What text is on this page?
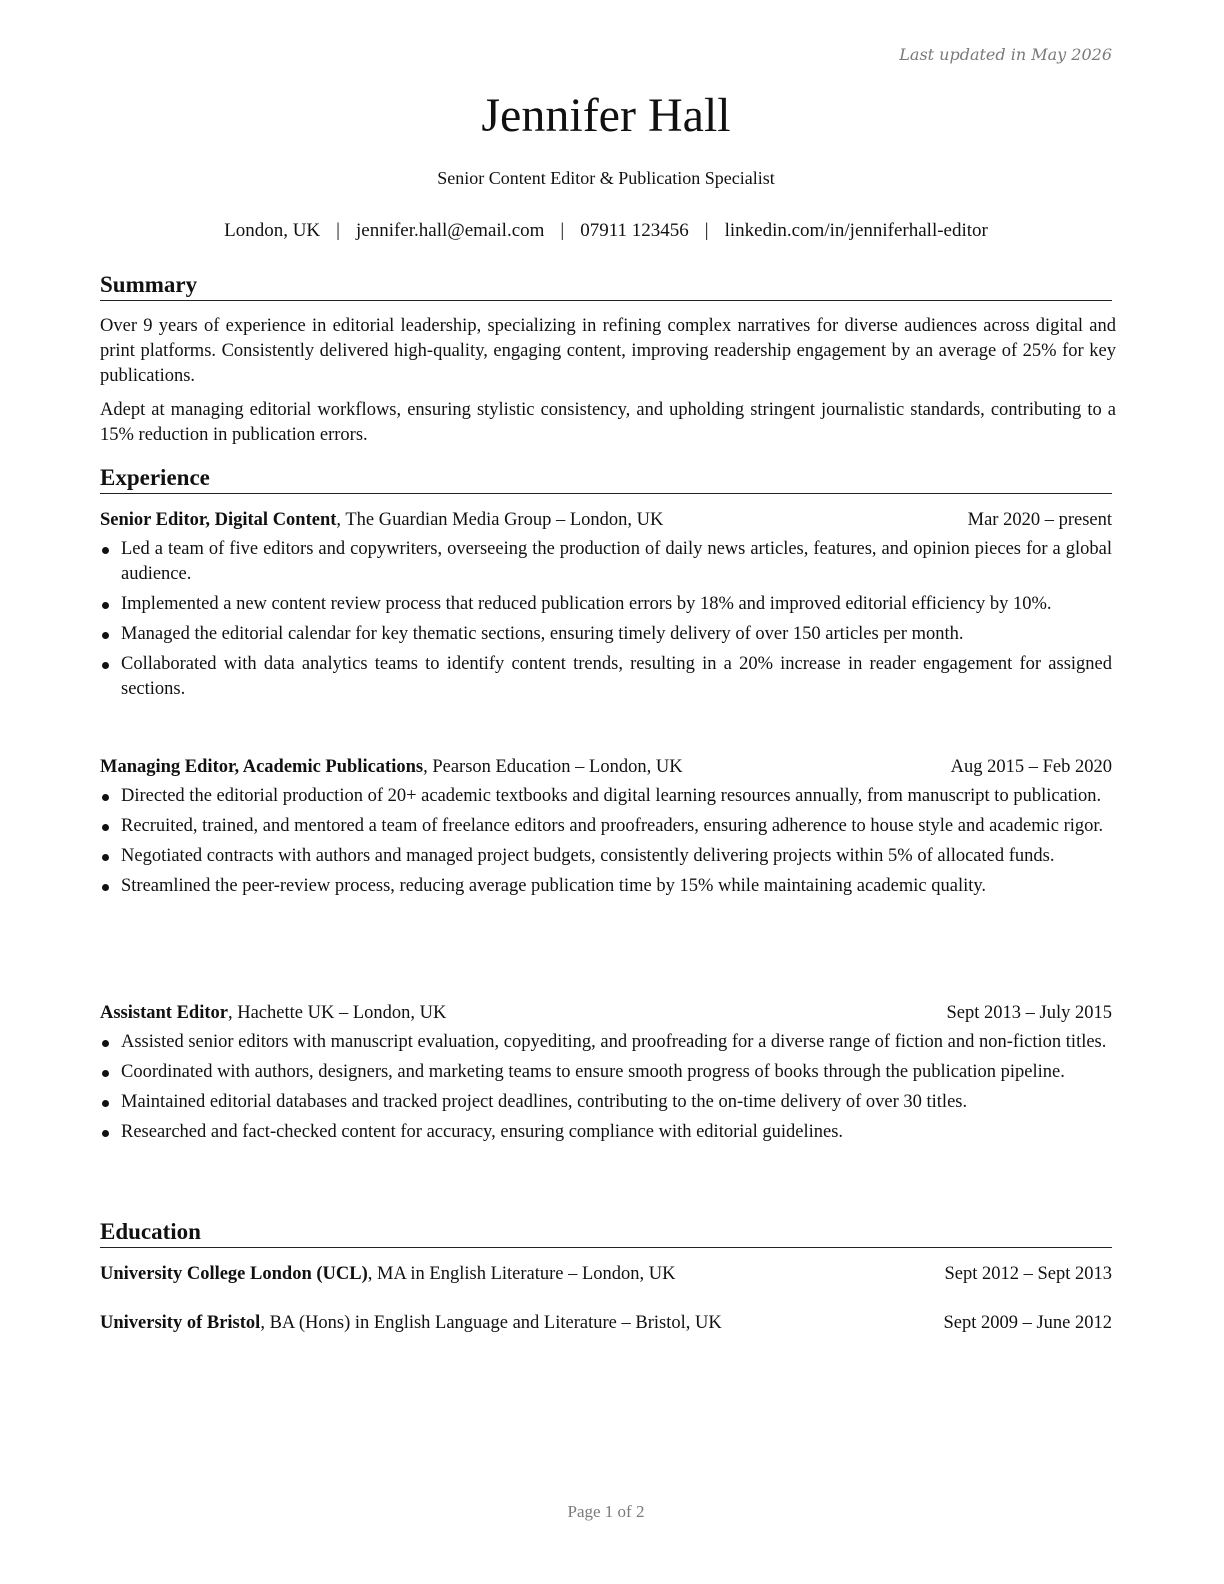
Last updated in May 2026
Jennifer Hall
Senior Content Editor & Publication Specialist
London, UK | jennifer.hall@email.com | 07911 123456 | linkedin.com/in/jenniferhall-editor
Summary
Over 9 years of experience in editorial leadership, specializing in refining complex narratives for diverse audiences across digital and print platforms. Consistently delivered high-quality, engaging content, improving readership engagement by an average of 25% for key publications.
Adept at managing editorial workflows, ensuring stylistic consistency, and upholding stringent journalistic standards, contributing to a 15% reduction in publication errors.
Experience
Senior Editor, Digital Content, The Guardian Media Group – London, UK	Mar 2020 – present
Led a team of five editors and copywriters, overseeing the production of daily news articles, features, and opinion pieces for a global audience.
Implemented a new content review process that reduced publication errors by 18% and improved editorial efficiency by 10%.
Managed the editorial calendar for key thematic sections, ensuring timely delivery of over 150 articles per month.
Collaborated with data analytics teams to identify content trends, resulting in a 20% increase in reader engagement for assigned sections.
Managing Editor, Academic Publications, Pearson Education – London, UK	Aug 2015 – Feb 2020
Directed the editorial production of 20+ academic textbooks and digital learning resources annually, from manuscript to publication.
Recruited, trained, and mentored a team of freelance editors and proofreaders, ensuring adherence to house style and academic rigor.
Negotiated contracts with authors and managed project budgets, consistently delivering projects within 5% of allocated funds.
Streamlined the peer-review process, reducing average publication time by 15% while maintaining academic quality.
Assistant Editor, Hachette UK – London, UK	Sept 2013 – July 2015
Assisted senior editors with manuscript evaluation, copyediting, and proofreading for a diverse range of fiction and non-fiction titles.
Coordinated with authors, designers, and marketing teams to ensure smooth progress of books through the publication pipeline.
Maintained editorial databases and tracked project deadlines, contributing to the on-time delivery of over 30 titles.
Researched and fact-checked content for accuracy, ensuring compliance with editorial guidelines.
Education
University College London (UCL), MA in English Literature – London, UK	Sept 2012 – Sept 2013
University of Bristol, BA (Hons) in English Language and Literature – Bristol, UK	Sept 2009 – June 2012
Page 1 of 2
